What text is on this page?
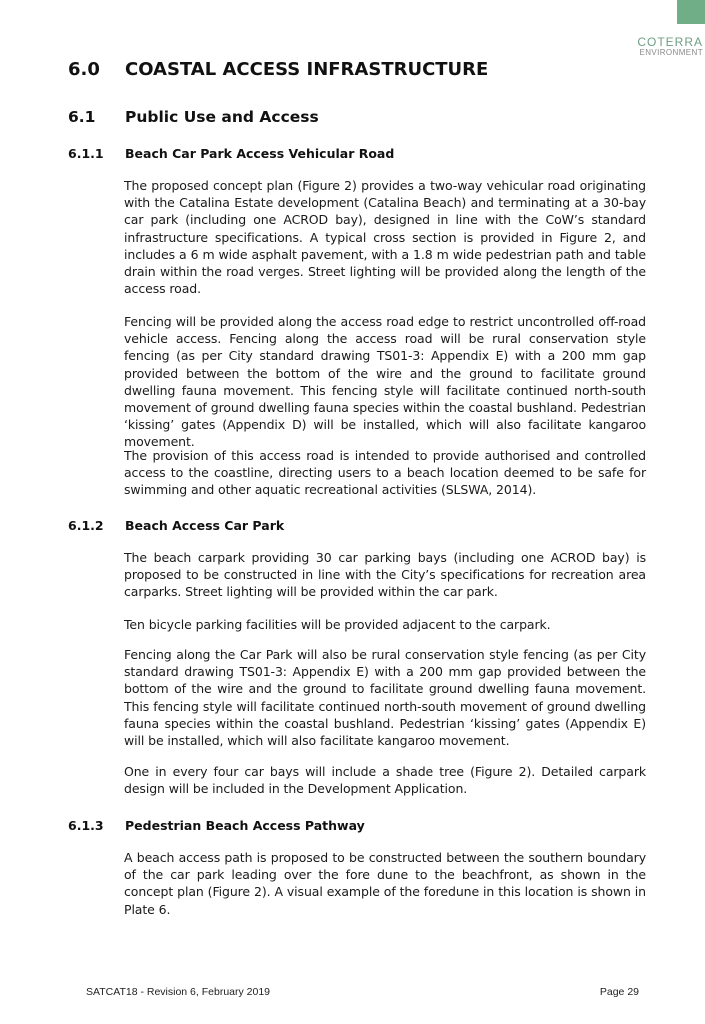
COTERRA
ENVIRONMENT
6.0 COASTAL ACCESS INFRASTRUCTURE
6.1 Public Use and Access
6.1.1 Beach Car Park Access Vehicular Road

The proposed concept plan (Figure 2) provides a two-way vehicular road originating with the Catalina Estate development (Catalina Beach) and terminating at a 30-bay car park (including one ACROD bay), designed in line with the CoW’s standard infrastructure specifications. A typical cross section is provided in Figure 2, and includes a 6 m wide asphalt pavement, with a 1.8 m wide pedestrian path and table drain within the road verges. Street lighting will be provided along the length of the access road.

Fencing will be provided along the access road edge to restrict uncontrolled off-road vehicle access. Fencing along the access road will be rural conservation style fencing (as per City standard drawing TS01-3: Appendix E) with a 200 mm gap provided between the bottom of the wire and the ground to facilitate ground dwelling fauna movement. This fencing style will facilitate continued north-south movement of ground dwelling fauna species within the coastal bushland. Pedestrian ‘kissing’ gates (Appendix D) will be installed, which will also facilitate kangaroo movement.

The provision of this access road is intended to provide authorised and controlled access to the coastline, directing users to a beach location deemed to be safe for swimming and other aquatic recreational activities (SLSWA, 2014).

6.1.2 Beach Access Car Park

The beach carpark providing 30 car parking bays (including one ACROD bay) is proposed to be constructed in line with the City’s specifications for recreation area carparks. Street lighting will be provided within the car park.

Ten bicycle parking facilities will be provided adjacent to the carpark.

Fencing along the Car Park will also be rural conservation style fencing (as per City standard drawing TS01-3: Appendix E) with a 200 mm gap provided between the bottom of the wire and the ground to facilitate ground dwelling fauna movement. This fencing style will facilitate continued north-south movement of ground dwelling fauna species within the coastal bushland. Pedestrian ‘kissing’ gates (Appendix E) will be installed, which will also facilitate kangaroo movement.

One in every four car bays will include a shade tree (Figure 2). Detailed carpark design will be included in the Development Application.

6.1.3 Pedestrian Beach Access Pathway

A beach access path is proposed to be constructed between the southern boundary of the car park leading over the fore dune to the beachfront, as shown in the concept plan (Figure 2). A visual example of the foredune in this location is shown in Plate 6.

SATCAT18 - Revision 6, February 2019	Page 29
